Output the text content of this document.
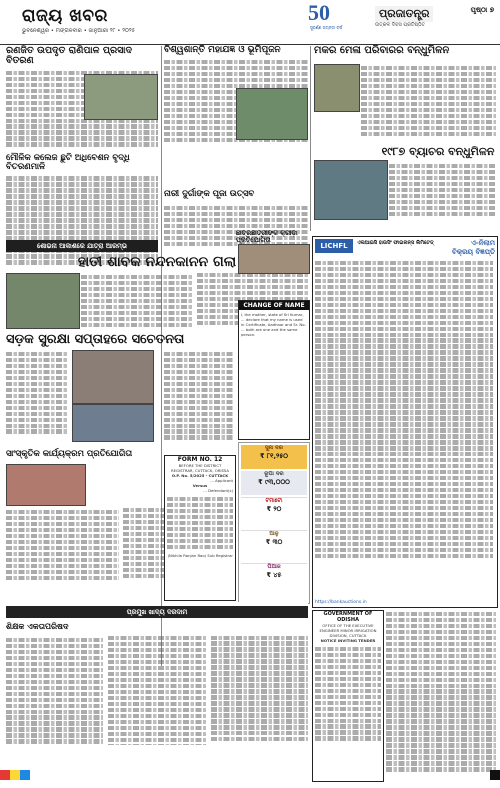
ରାଜ୍ୟ ଖବର
ଭୁବନେଶ୍ୱର • ମଙ୍ଗଳବାର • ଜାନୁଆରୀ ୨୮ • ୨୦୨୫
50
ସୁବର୍ଣ୍ଣ ଜୟନ୍ତୀ ବର୍ଷ
ପ୍ରଜାତନ୍ତ୍ର
ଉତ୍କଳ ଦିବସ ପ୍ରତିଷ୍ଠିତ
ପୃଷ୍ଠା ୭
ରଣଜିତ ଉପଦୃତ ରାଣିପାଳ ପ୍ରସାଦ ବିତରଣ
ମୌଳିକ କଲେଜ ଛୁଟି ଅଧିବେଶନ ବୃଦ୍ଧି ବିତରଣମାଳି
ବିଶ୍ୱଶାନ୍ତି ମହାଯଜ୍ଞ ଓ ଭୂମିପୂଜନ
ନାରୀ ଦୁର୍ଗାଙ୍କ ପୂଜା ଉତ୍ସବ
ମକର ମେଳା ପରିବାରର ବନ୍ଧୁମିଳନ
୧୯୮୭ ବ୍ୟାଚର ବନ୍ଧୁମିଳନ
ଶୋଭନା ଆକାଶରେ ଯାତ୍ରା ଆରମ୍ଭ
ହାତୀ ଶାବକ ନନ୍ଦନକାନନ ଗଲା
ସଡ଼କ ସୁରକ୍ଷା ସପ୍ତାହରେ ସଚେତନତା
ଛାତ୍ରଛାତ୍ରୀଙ୍କ କ୍ରୀଡ଼ା ପ୍ରତିଯୋଗିତା
ସାଂସ୍କୃତିକ କାର୍ଯ୍ୟକ୍ରମ ପ୍ରତିଯୋଗିତା
ସୁନା ଦର
₹ ୮୧,୨୫୦
ରୂପା ଦର
₹ ୯୩,୦୦୦
ଟମାଟୋ
₹ ୨୦
ଆଳୁ
₹ ୩୦
ପିଆଜ
₹ ୪୫
ପ୍ରମୁଖ ଖାଦ୍ୟ ଦରଦାମ
ଶିକ୍ଷକ ଏକତାପରିଷଦ
CHANGE OF NAME
I, the mother, state of Sri Kumar, ... declare that my name is used in Certificate, Aadhaar and Sr. No. ... both are one and the same person.
FORM NO. 12
BEFORE THE DISTRICT REGISTRAR, CUTTACK, ORISSA
O.P. No. 5/2025 - CUTTACK
... Applicant
Versus
... Defendant(s)
(Nikhila Ranjan Rao) Sub Registrar
GOVERNMENT OF ODISHA
OFFICE OF THE EXECUTIVE ENGINEER MINOR IRRIGATION DIVISION, CUTTACK
NOTICE INVITING TENDER
LICHFL	ଏଲଆଇସି ହାଉସିଂ ଫାଇନାନ୍ସ ଲିମିଟେଡ୍	ଏ-ନିଲାମ ବିକ୍ରୟ ବିଜ୍ଞପ୍ତି
https://bankauctions.in
